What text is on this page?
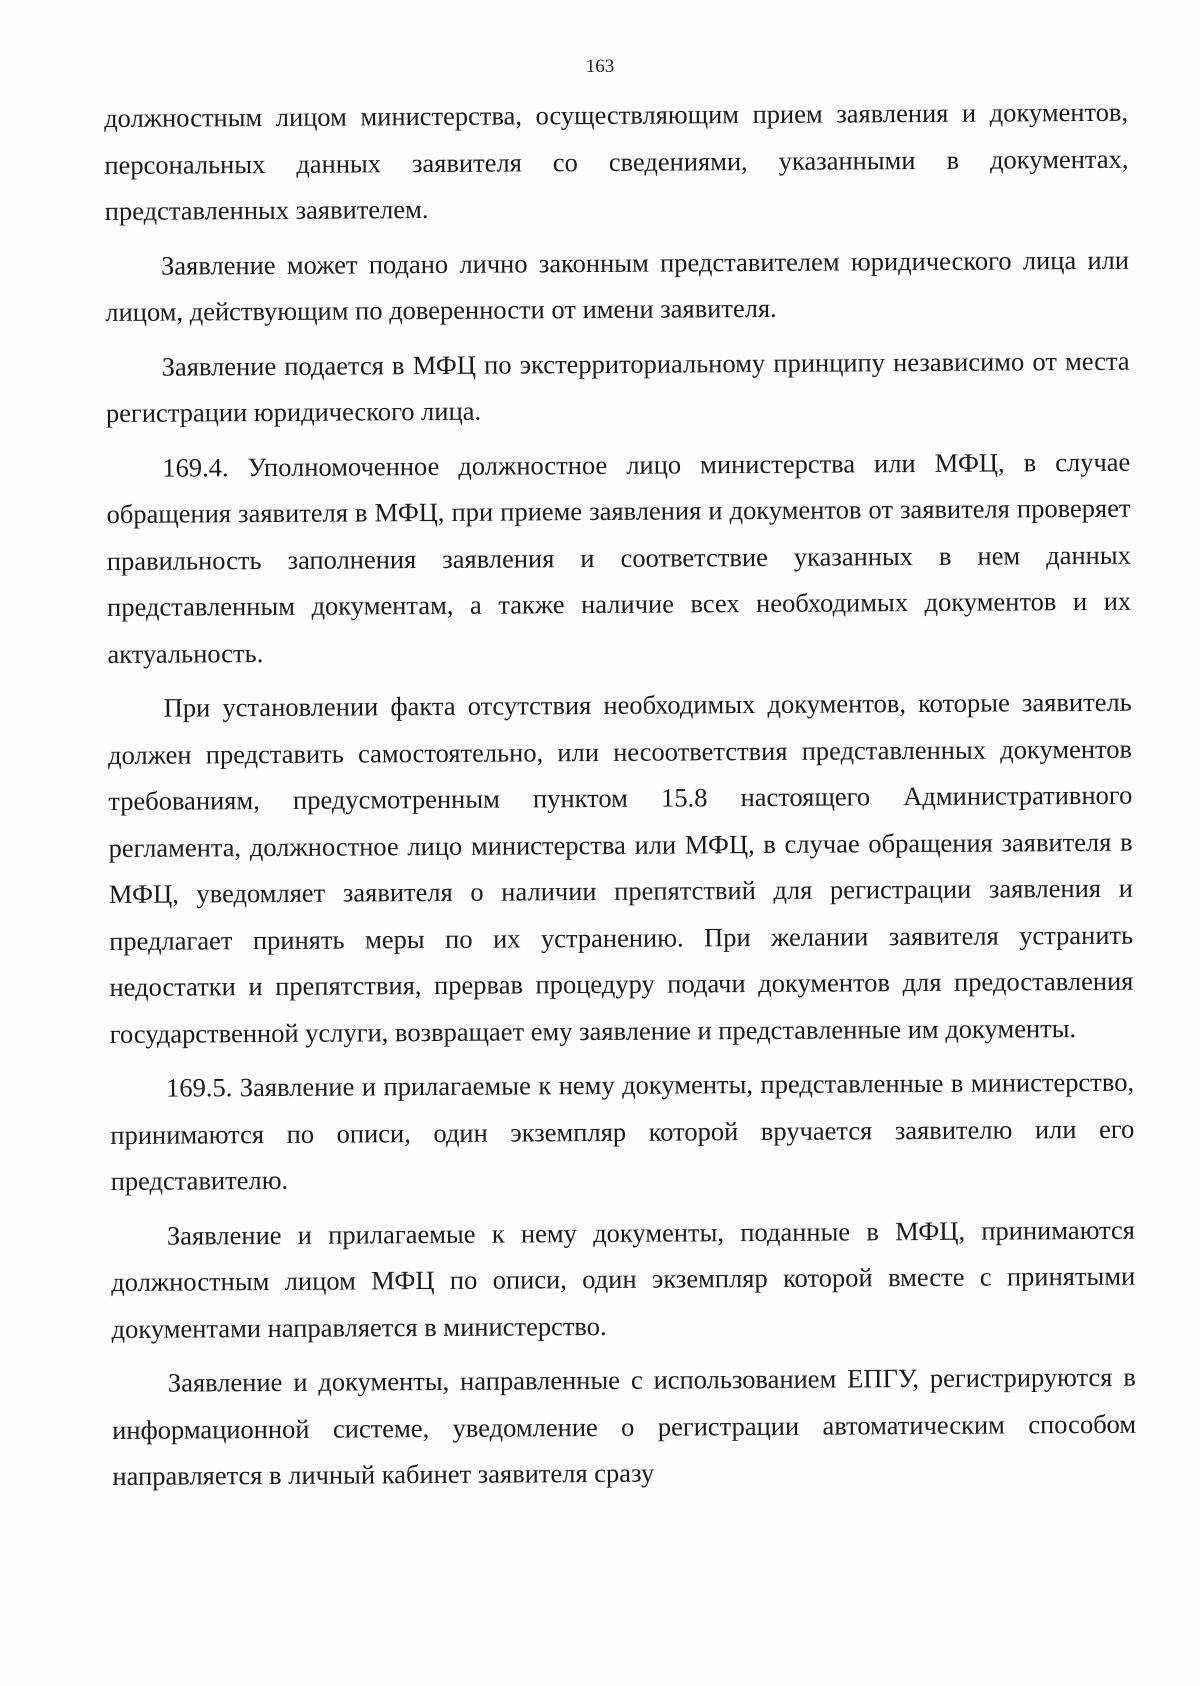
163

должностным лицом министерства, осуществляющим прием заявления и документов, персональных данных заявителя со сведениями, указанными в документах, представленных заявителем.

Заявление может подано лично законным представителем юридического лица или лицом, действующим по доверенности от имени заявителя.

Заявление подается в МФЦ по экстерриториальному принципу независимо от места регистрации юридического лица.

169.4. Уполномоченное должностное лицо министерства или МФЦ, в случае обращения заявителя в МФЦ, при приеме заявления и документов от заявителя проверяет правильность заполнения заявления и соответствие указанных в нем данных представленным документам, а также наличие всех необходимых документов и их актуальность.

При установлении факта отсутствия необходимых документов, которые заявитель должен представить самостоятельно, или несоответствия представленных документов требованиям, предусмотренным пунктом 15.8 настоящего Административного регламента, должностное лицо министерства или МФЦ, в случае обращения заявителя в МФЦ, уведомляет заявителя о наличии препятствий для регистрации заявления и предлагает принять меры по их устранению. При желании заявителя устранить недостатки и препятствия, прервав процедуру подачи документов для предоставления государственной услуги, возвращает ему заявление и представленные им документы.

169.5. Заявление и прилагаемые к нему документы, представленные в министерство, принимаются по описи, один экземпляр которой вручается заявителю или его представителю.

Заявление и прилагаемые к нему документы, поданные в МФЦ, принимаются должностным лицом МФЦ по описи, один экземпляр которой вместе с принятыми документами направляется в министерство.

Заявление и документы, направленные с использованием ЕПГУ, регистрируются в информационной системе, уведомление о регистрации автоматическим способом направляется в личный кабинет заявителя сразу
